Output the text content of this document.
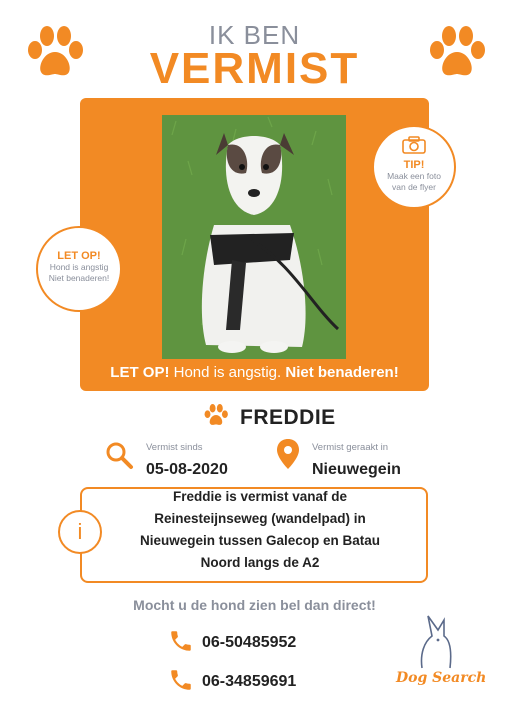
IK BEN
VERMIST
TIP!
Maak een foto
van de flyer
LET OP!
Hond is angstig
Niet benaderen!
LET OP! Hond is angstig. Niet benaderen!
FREDDIE
Vermist sinds
05-08-2020
Vermist geraakt in
Nieuwegein
i
Freddie is vermist vanaf de
Reinesteijnseweg (wandelpad) in
Nieuwegein tussen Galecop en Batau
Noord langs de A2
Mocht u de hond zien bel dan direct!
06-50485952
06-34859691	Dog Search
